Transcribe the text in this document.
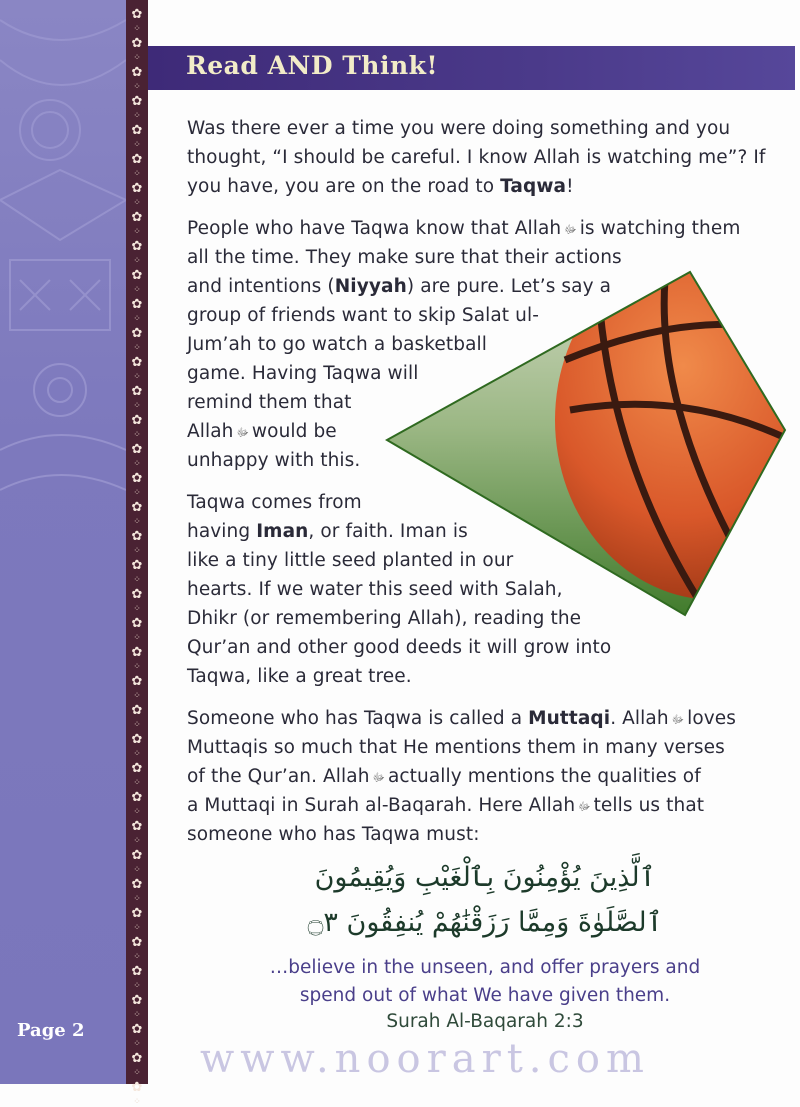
Page 2
✿
⁘
✿
⁘
✿
⁘
✿
⁘
✿
⁘
✿
⁘
✿
⁘
✿
⁘
✿
⁘
✿
⁘
✿
⁘
✿
⁘
✿
⁘
✿
⁘
✿
⁘
✿
⁘
✿
⁘
✿
⁘
✿
⁘
✿
⁘
✿
⁘
✿
⁘
✿
⁘
✿
⁘
✿
⁘
✿
⁘
✿
⁘
✿
⁘
✿
⁘
✿
⁘
✿
⁘
✿
⁘
✿
⁘
✿
⁘
✿
⁘
✿
⁘
✿
⁘
✿
⁘
Read AND Think!
Was there ever a time you were doing something and you
thought, “I should be careful. I know Allah is watching me”? If
you have, you are on the road to Taqwa!
People who have Taqwa know that Allah ﷻ is watching them
all the time. They make sure that their actions
and intentions (Niyyah) are pure. Let’s say a
group of friends want to skip Salat ul-
Jum’ah to go watch a basketball
game. Having Taqwa will
remind them that
Allah ﷻ would be
unhappy with this.
Taqwa comes from
having Iman, or faith. Iman is
like a tiny little seed planted in our
hearts. If we water this seed with Salah,
Dhikr (or remembering Allah), reading the
Qur’an and other good deeds it will grow into
Taqwa, like a great tree.
Someone who has Taqwa is called a Muttaqi. Allah ﷻ loves
Muttaqis so much that He mentions them in many verses
of the Qur’an. Allah ﷻ actually mentions the qualities of
a Muttaqi in Surah al-Baqarah. Here Allah ﷻ tells us that
someone who has Taqwa must:
ٱلَّذِينَ يُؤْمِنُونَ بِٱلْغَيْبِ وَيُقِيمُونَ
ٱلصَّلَوٰةَ وَمِمَّا رَزَقْنَٰهُمْ يُنفِقُونَ ۝٣
…believe in the unseen, and offer prayers and
spend out of what We have given them.
Surah Al-Baqarah 2:3
www.noorart.com
